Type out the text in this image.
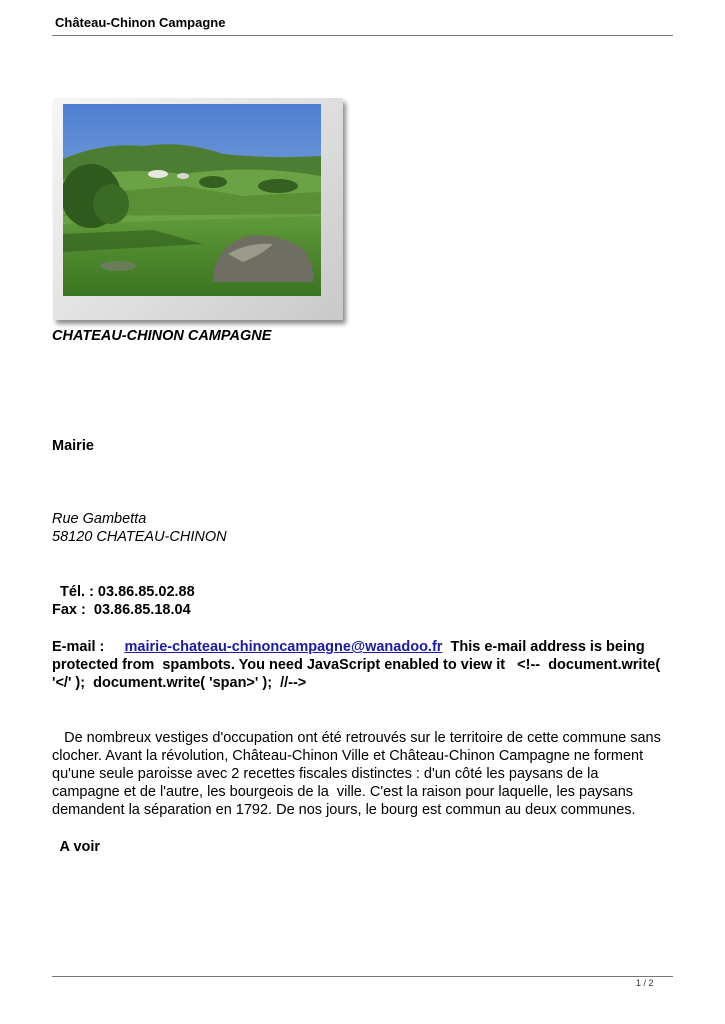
Château-Chinon Campagne
CHATEAU-CHINON CAMPAGNE
Mairie
Rue Gambetta
58120 CHATEAU-CHINON
Tél. : 03.86.85.02.88
Fax :  03.86.85.18.04
E-mail : mairie-chateau-chinoncampagne@wanadoo.fr This e-mail address is being
protected from  spambots. You need JavaScript enabled to view it   <!--  document.write(
'</' );  document.write( 'span>' );  //-->
De nombreux vestiges d'occupation ont été retrouvés sur le territoire de cette commune sans clocher. Avant la révolution, Château-Chinon Ville et Château-Chinon Campagne ne forment qu'une seule paroisse avec 2 recettes fiscales distinctes : d'un côté les paysans de la campagne et de l'autre, les bourgeois de la  ville. C'est la raison pour laquelle, les paysans demandent la séparation en 1792. De nos jours, le bourg est commun au deux communes.
A voir
1 / 2
